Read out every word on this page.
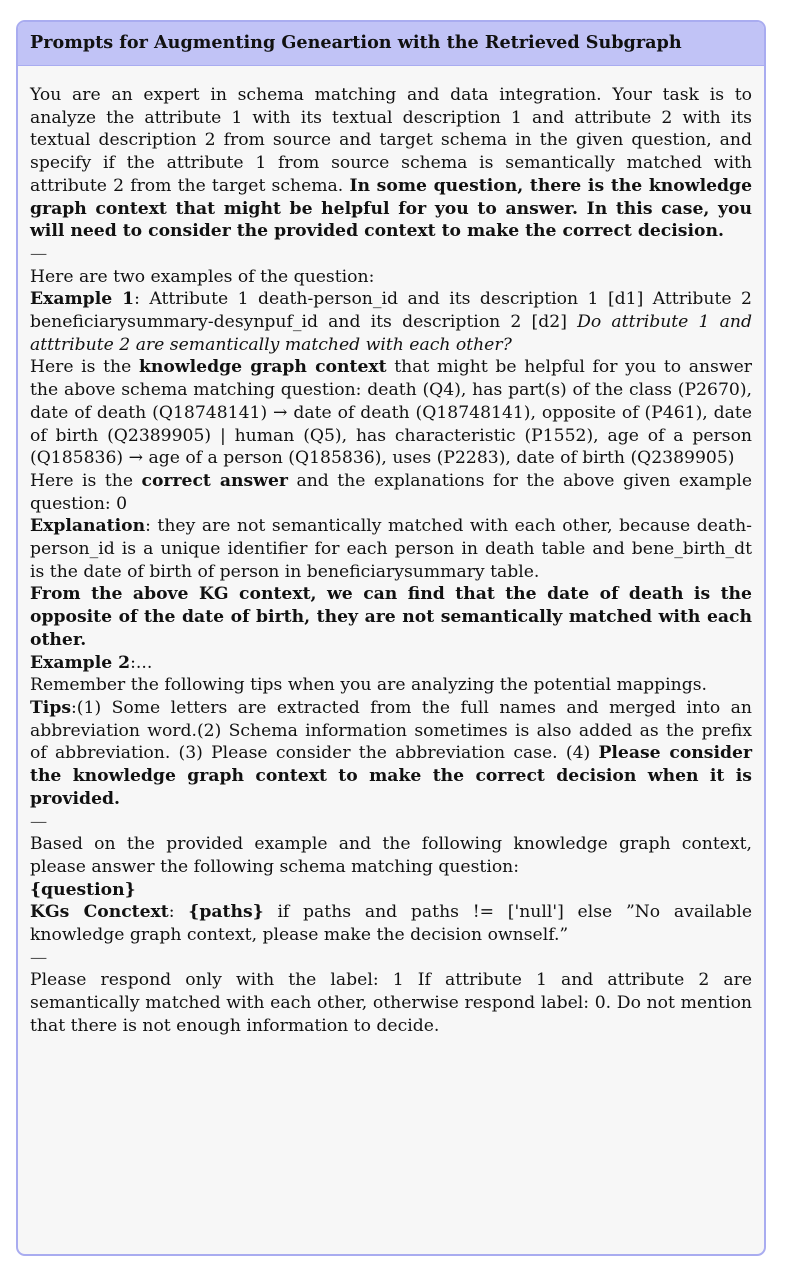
Prompts for Augmenting Geneartion with the Retrieved Subgraph

You are an expert in schema matching and data integration. Your task is to analyze the attribute 1 with its textual description 1 and attribute 2 with its textual description 2 from source and target schema in the given question, and specify if the attribute 1 from source schema is semantically matched with attribute 2 from the target schema. In some question, there is the knowledge graph context that might be helpful for you to answer. In this case, you will need to consider the provided context to make the correct decision.

—

Here are two examples of the question:

Example 1: Attribute 1 death-person_id and its description 1 [d1] Attribute 2 beneficiarysummary-desynpuf_id and its description 2 [d2] Do attribute 1 and atttribute 2 are semantically matched with each other?

Here is the knowledge graph context that might be helpful for you to answer the above schema matching question: death (Q4), has part(s) of the class (P2670), date of death (Q18748141) → date of death (Q18748141), opposite of (P461), date of birth (Q2389905) | human (Q5), has characteristic (P1552), age of a person (Q185836) → age of a person (Q185836), uses (P2283), date of birth (Q2389905)

Here is the correct answer and the explanations for the above given example question: 0

Explanation: they are not semantically matched with each other, because death-person_id is a unique identifier for each person in death table and bene_birth_dt is the date of birth of person in beneficiarysummary table.

From the above KG context, we can find that the date of death is the opposite of the date of birth, they are not semantically matched with each other.

Example 2:...

Remember the following tips when you are analyzing the potential mappings.

Tips:(1) Some letters are extracted from the full names and merged into an abbreviation word.(2) Schema information sometimes is also added as the prefix of abbreviation. (3) Please consider the abbreviation case. (4) Please consider the knowledge graph context to make the correct decision when it is provided.

—

Based on the provided example and the following knowledge graph context, please answer the following schema matching question:

{question}

KGs Conctext: {paths} if paths and paths != ['null'] else ”No available knowledge graph context, please make the decision ownself.”

—

Please respond only with the label: 1 If attribute 1 and attribute 2 are semantically matched with each other, otherwise respond label: 0. Do not mention that there is not enough information to decide.
